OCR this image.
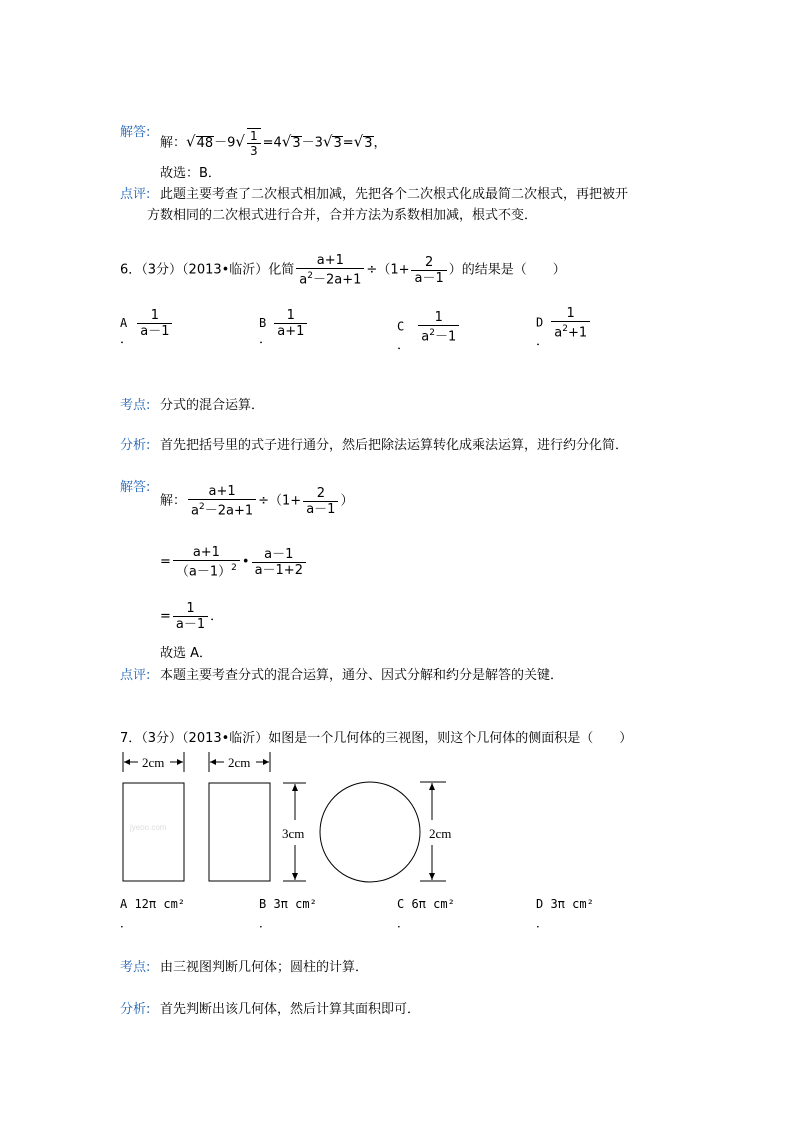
解答:
解：$√48-9√ \frac{1}{3} =4√3-3√3=√3$，
故选：B．
点评: 此题主要考查了二次根式相加减，先把各个二次根式化成最简二次根式，再把被开
方数相同的二次根式进行合并，合并方法为系数相加减，根式不变．
6．（3分）（2013•临沂）化简 $\frac{a+1}{a^2-2a+1} \div(1+ \frac{2}{a-1}$ ）的结果是（　　）
A $\frac{1}{a-1}$
．
B $\frac{1}{a+1}$
．
C $\frac{1}{a^2-1}$
．
D $\frac{1}{a^2+1}$
．
考点: 分式的混合运算．
分析: 首先把括号里的式子进行通分，然后把除法运算转化成乘法运算，进行约分化简．
解答:
解： $\frac{a+1}{a^2-2a+1} \div(1+ \frac{2}{a-1}$ ）
= $\frac{a+1}{(a-1)^2}$ • $\frac{a-1}{a-1+2}$
= $\frac{1}{a-1}$ ．
故选 A．
点评: 本题主要考查分式的混合运算，通分、因式分解和约分是解答的关键．
7．（3分）（2013•临沂）如图是一个几何体的三视图，则这个几何体的侧面积是（　　）
2cm
jyeoo.com
2cm
3cm	2cm
A 12π cm²
．
B 3π cm²
．
C 6π cm²
．
D 3π cm²
．
考点: 由三视图判断几何体；圆柱的计算．
分析: 首先判断出该几何体，然后计算其面积即可．
